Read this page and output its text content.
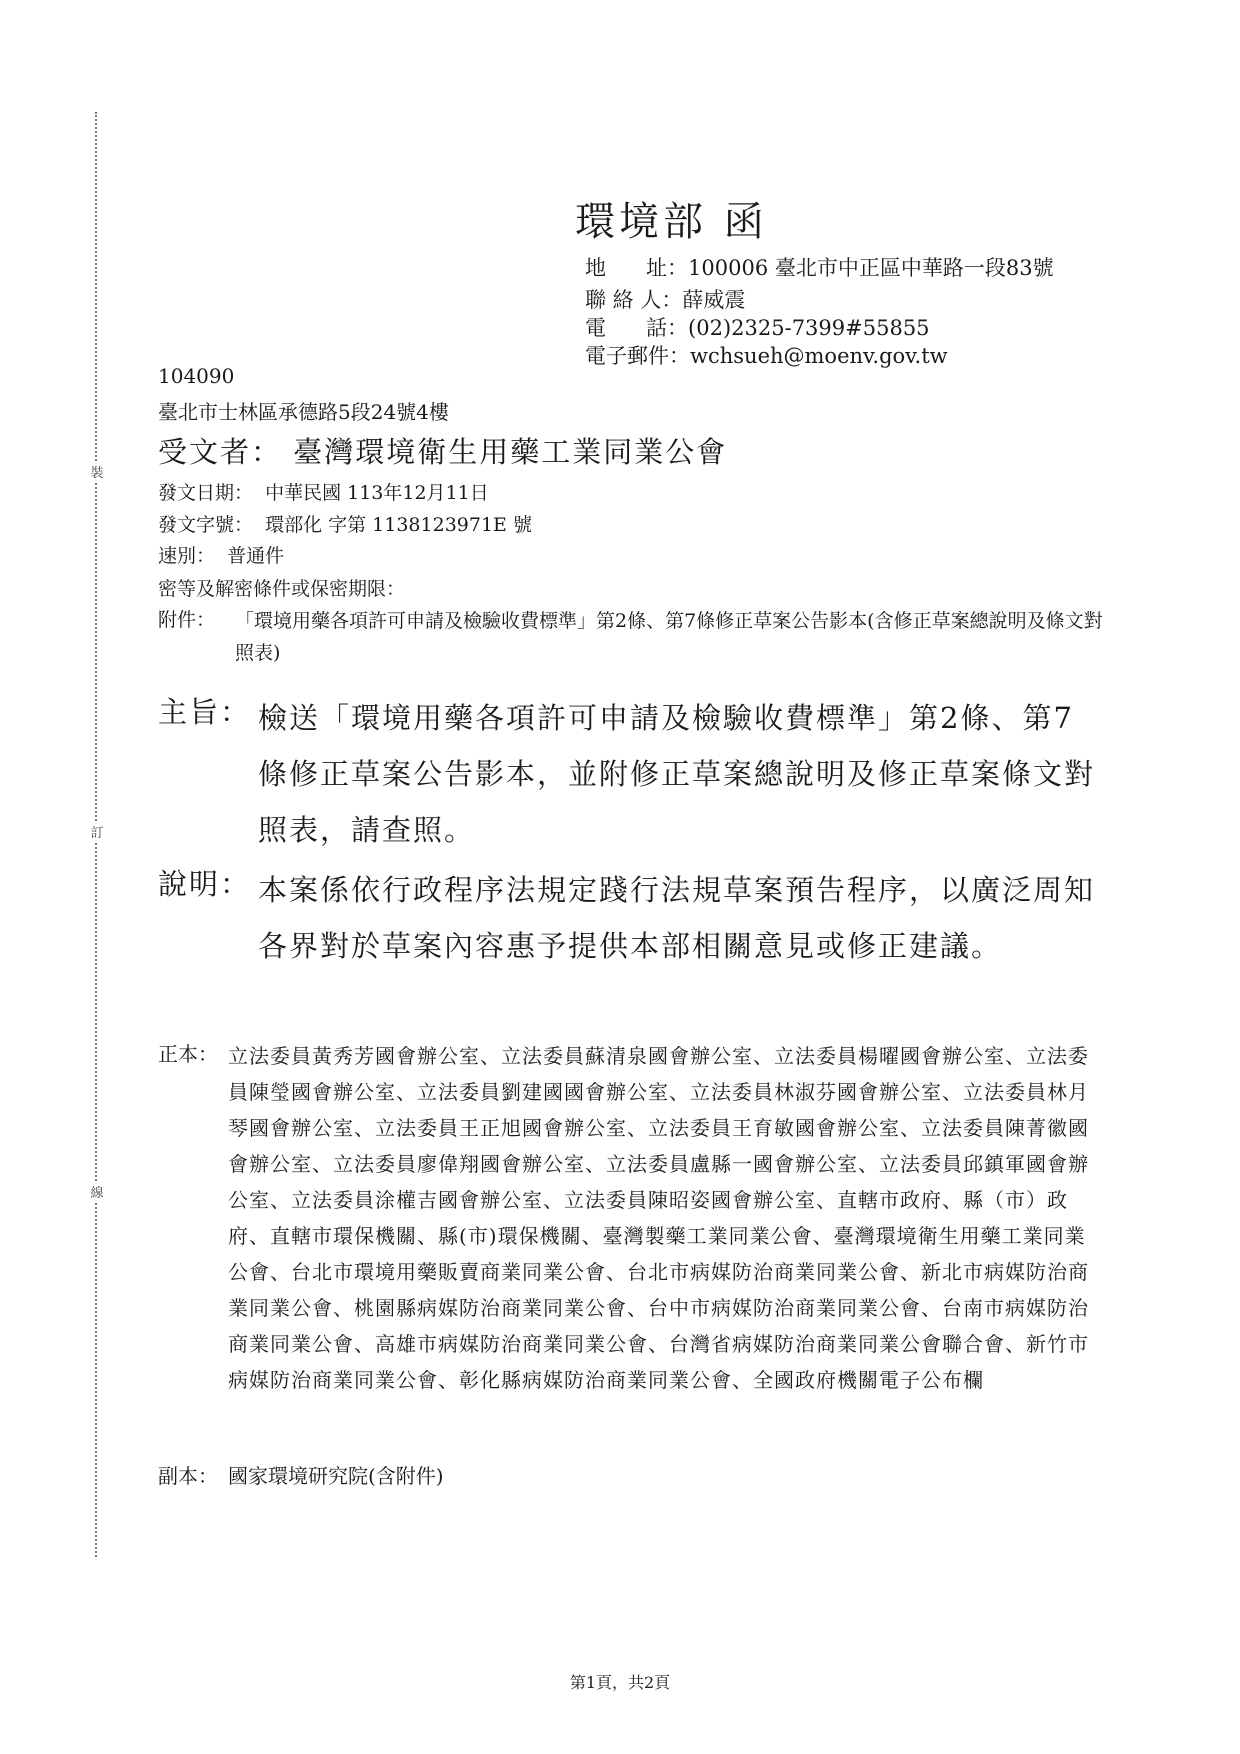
裝
訂
線
環境部 函
地      址：100006 臺北市中正區中華路一段83號
聯 絡 人：薛威震
電      話：(02)2325-7399#55855
電子郵件：wchsueh@moenv.gov.tw
104090
臺北市士林區承德路5段24號4樓
受文者： 臺灣環境衛生用藥工業同業公會
發文日期：  中華民國 113年12月11日
發文字號：  環部化 字第 1138123971E 號
速別：  普通件
密等及解密條件或保密期限：
附件： 「環境用藥各項許可申請及檢驗收費標準」第2條、第7條修正草案公告影本(含修正草案總說明及條文對照表)
主旨： 檢送「環境用藥各項許可申請及檢驗收費標準」第2條、第7條修正草案公告影本，並附修正草案總說明及修正草案條文對照表，請查照。
說明： 本案係依行政程序法規定踐行法規草案預告程序，以廣泛周知各界對於草案內容惠予提供本部相關意見或修正建議。
正本： 立法委員黃秀芳國會辦公室、立法委員蘇清泉國會辦公室、立法委員楊曜國會辦公室、立法委員陳瑩國會辦公室、立法委員劉建國國會辦公室、立法委員林淑芬國會辦公室、立法委員林月琴國會辦公室、立法委員王正旭國會辦公室、立法委員王育敏國會辦公室、立法委員陳菁徽國會辦公室、立法委員廖偉翔國會辦公室、立法委員盧縣一國會辦公室、立法委員邱鎮軍國會辦公室、立法委員涂權吉國會辦公室、立法委員陳昭姿國會辦公室、直轄市政府、縣（市）政府、直轄市環保機關、縣(市)環保機關、臺灣製藥工業同業公會、臺灣環境衛生用藥工業同業公會、台北市環境用藥販賣商業同業公會、台北市病媒防治商業同業公會、新北市病媒防治商業同業公會、桃園縣病媒防治商業同業公會、台中市病媒防治商業同業公會、台南市病媒防治商業同業公會、高雄市病媒防治商業同業公會、台灣省病媒防治商業同業公會聯合會、新竹市病媒防治商業同業公會、彰化縣病媒防治商業同業公會、全國政府機關電子公布欄
副本： 國家環境研究院(含附件)
第1頁，共2頁
